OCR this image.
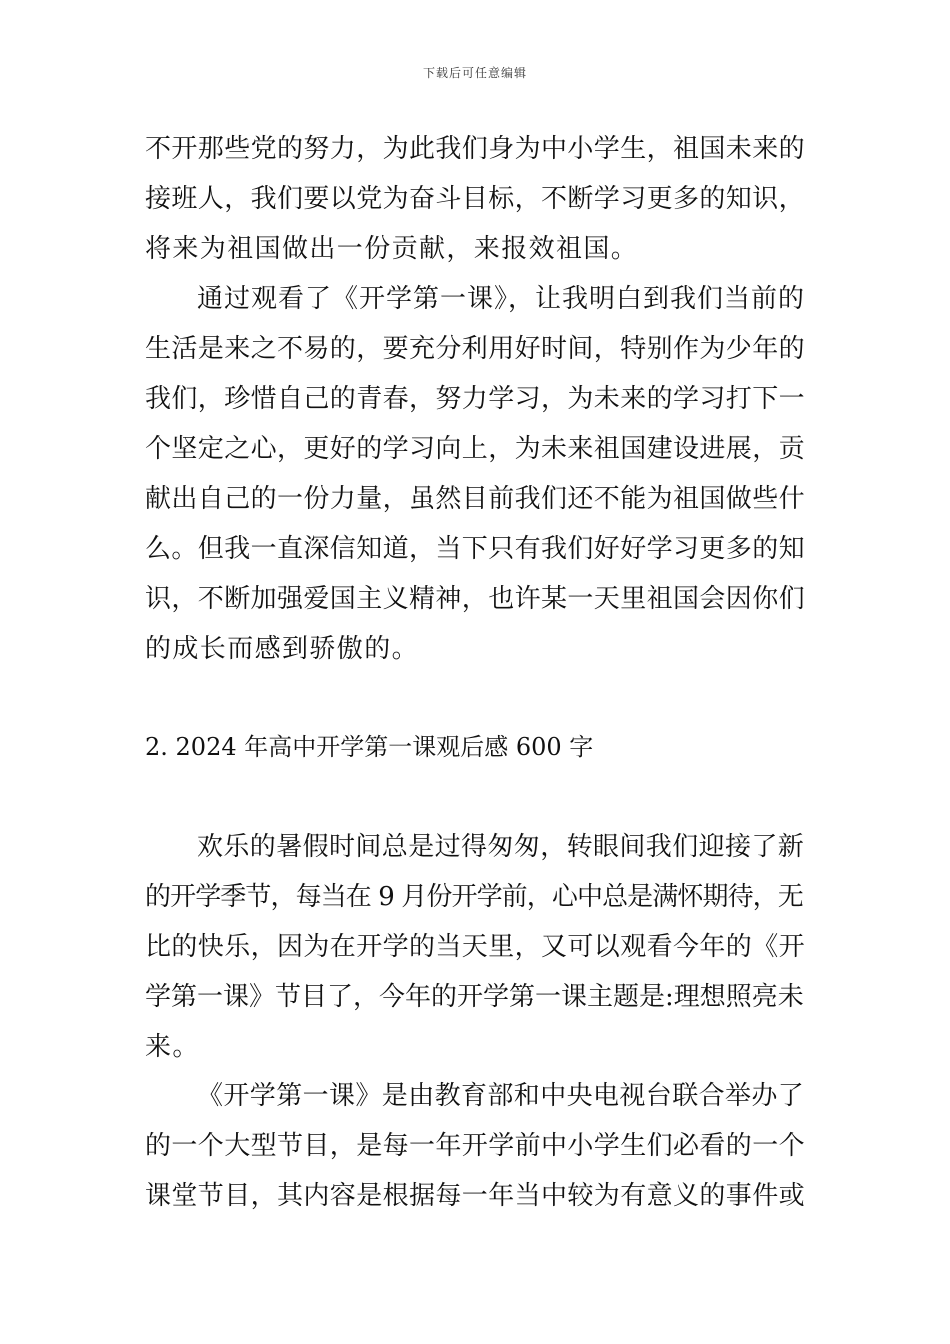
下载后可任意编辑
不开那些党的努力，为此我们身为中小学生，祖国未来的
接班人，我们要以党为奋斗目标，不断学习更多的知识，
将来为祖国做出一份贡献，来报效祖国。
通过观看了《开学第一课》，让我明白到我们当前的
生活是来之不易的，要充分利用好时间，特别作为少年的
我们，珍惜自己的青春，努力学习，为未来的学习打下一
个坚定之心，更好的学习向上，为未来祖国建设进展，贡
献出自己的一份力量，虽然目前我们还不能为祖国做些什
么。但我一直深信知道，当下只有我们好好学习更多的知
识，不断加强爱国主义精神，也许某一天里祖国会因你们
的成长而感到骄傲的。
2. 2024 年高中开学第一课观后感 600 字
欢乐的暑假时间总是过得匆匆，转眼间我们迎接了新
的开学季节，每当在 9 月份开学前，心中总是满怀期待，无
比的快乐，因为在开学的当天里，又可以观看今年的《开
学第一课》节目了，今年的开学第一课主题是:理想照亮未
来。
《开学第一课》是由教育部和中央电视台联合举办了
的一个大型节目，是每一年开学前中小学生们必看的一个
课堂节目，其内容是根据每一年当中较为有意义的事件或
